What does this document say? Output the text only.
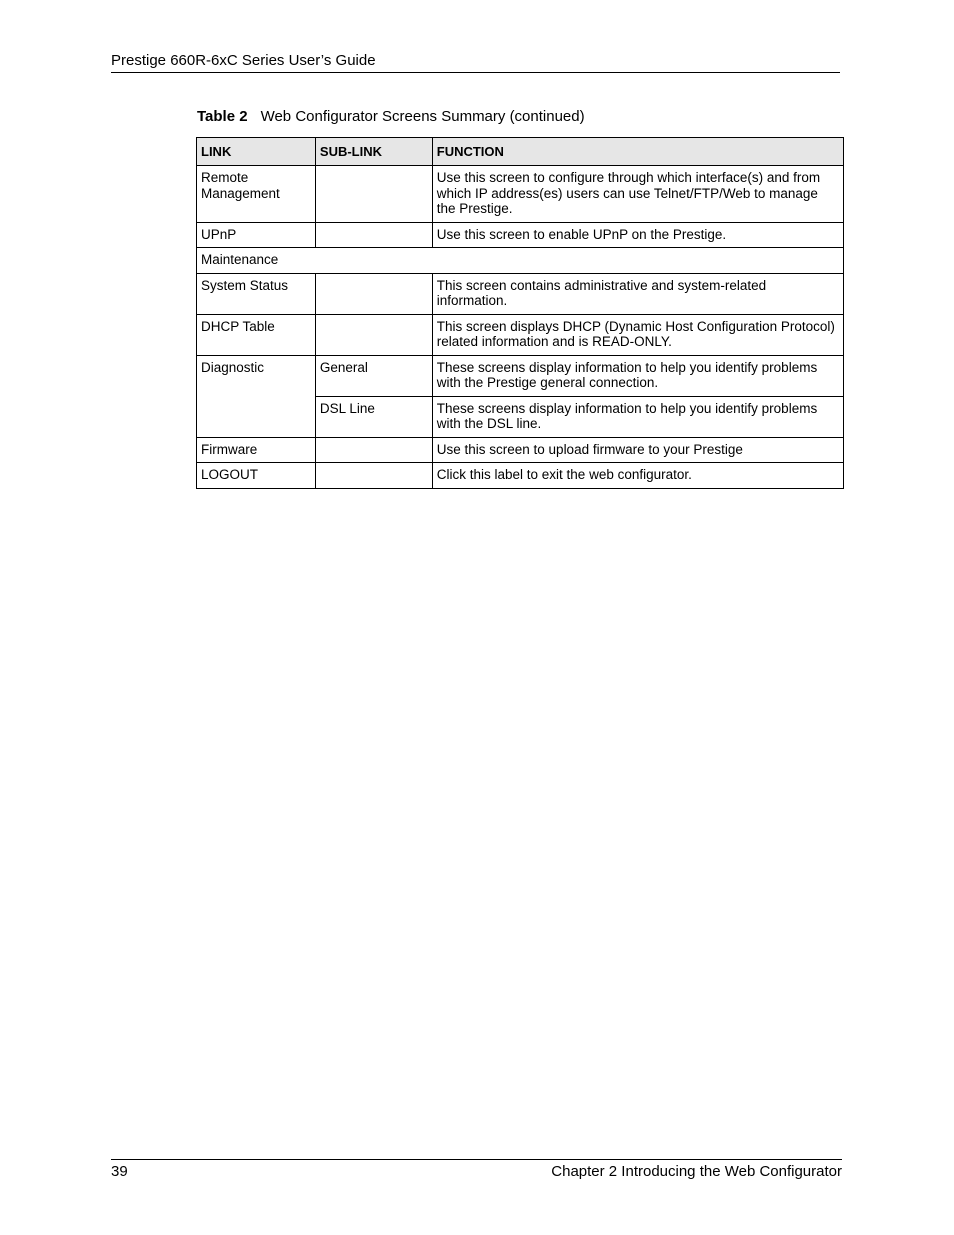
Prestige 660R-6xC Series User’s Guide
Table 2 Web Configurator Screens Summary (continued)
LINK	SUB-LINK	FUNCTION
Remote Management		Use this screen to configure through which interface(s) and from which IP address(es) users can use Telnet/FTP/Web to manage the Prestige.
UPnP		Use this screen to enable UPnP on the Prestige.
Maintenance		
System Status		This screen contains administrative and system-related information.
DHCP Table		This screen displays DHCP (Dynamic Host Configuration Protocol) related information and is READ-ONLY.
Diagnostic	General	These screens display information to help you identify problems with the Prestige general connection.
	DSL Line	These screens display information to help you identify problems with the DSL line.
Firmware		Use this screen to upload firmware to your Prestige
LOGOUT		Click this label to exit the web configurator.
39	Chapter 2 Introducing the Web Configurator
